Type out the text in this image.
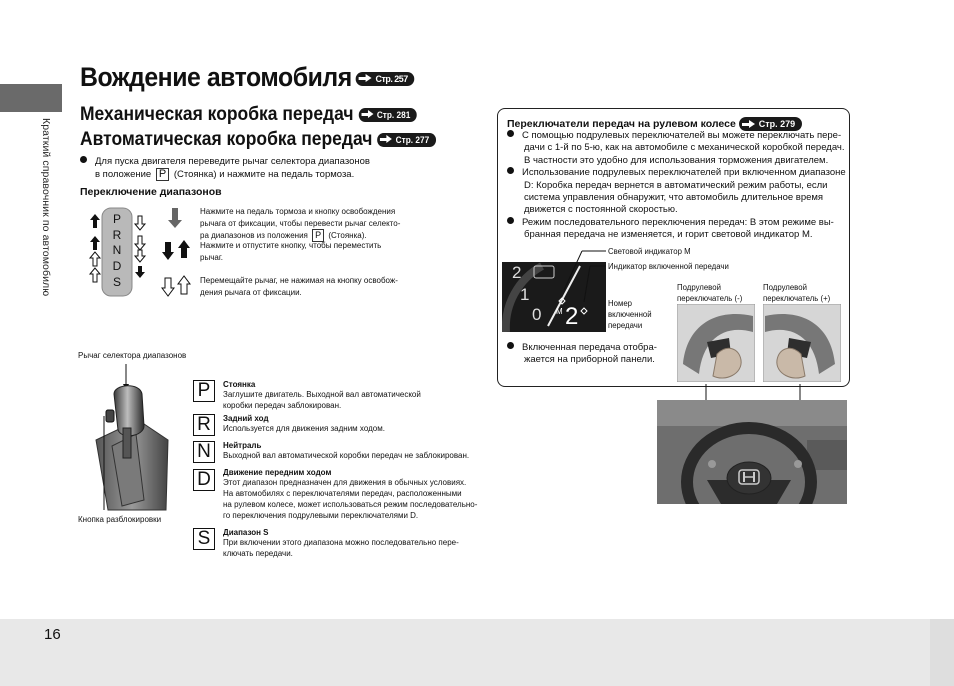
Краткий справочник по автомобилю
16
Вождение автомобиля	Стр. 257
Механическая коробка передач	Стр. 281
Автоматическая коробка передач	Стр. 277
Для пуска двигателя переведите рычаг селектора диапазонов
в положение P (Стоянка) и нажмите на педаль тормоза.
Переключение диапазонов
P
R
N
D
S
Нажмите на педаль тормоза и кнопку освобождения
рычага от фиксации, чтобы перевести рычаг селекто-
ра диапазонов из положения P (Стоянка).
Нажмите и отпустите кнопку, чтобы переместить
рычаг.
Перемещайте рычаг, не нажимая на кнопку освобож-
дения рычага от фиксации.
Рычаг селектора диапазонов
Кнопка разблокировки
P	Стоянка
Заглушите двигатель. Выходной вал автоматической
коробки передач заблокирован.
R	Задний ход
Используется для движения задним ходом.
N	Нейтраль
Выходной вал автоматической коробки передач не заблокирован.
D	Движение передним ходом
Этот диапазон предназначен для движения в обычных условиях.
На автомобилях с переключателями передач, расположенными
на рулевом колесе, может использоваться режим последовательно-
го переключения подрулевыми переключателями D.
S	Диапазон S
При включении этого диапазона можно последовательно пере-
ключать передачи.
Переключатели передач на рулевом колесе	Стр. 279
С помощью подрулевых переключателей вы можете переключать пере-
дачи с 1-й по 5-ю, как на автомобиле с механической коробкой передач.
В частности это удобно для использования торможения двигателем.
Использование подрулевых переключателей при включенном диапазоне
D: Коробка передач вернется в автоматический режим работы, если
система управления обнаружит, что автомобиль длительное время
движется с постоянной скоростью.
Режим последовательного переключения передач: В этом режиме вы-
бранная передача не изменяется, и горит световой индикатор M.
2
1
0 M 2
Световой индикатор M
Индикатор включенной передачи
Номер
включенной
передачи
Включенная передача отобра-
жается на приборной панели.
Подрулевой
переключатель (-)
Подрулевой
переключатель (+)
